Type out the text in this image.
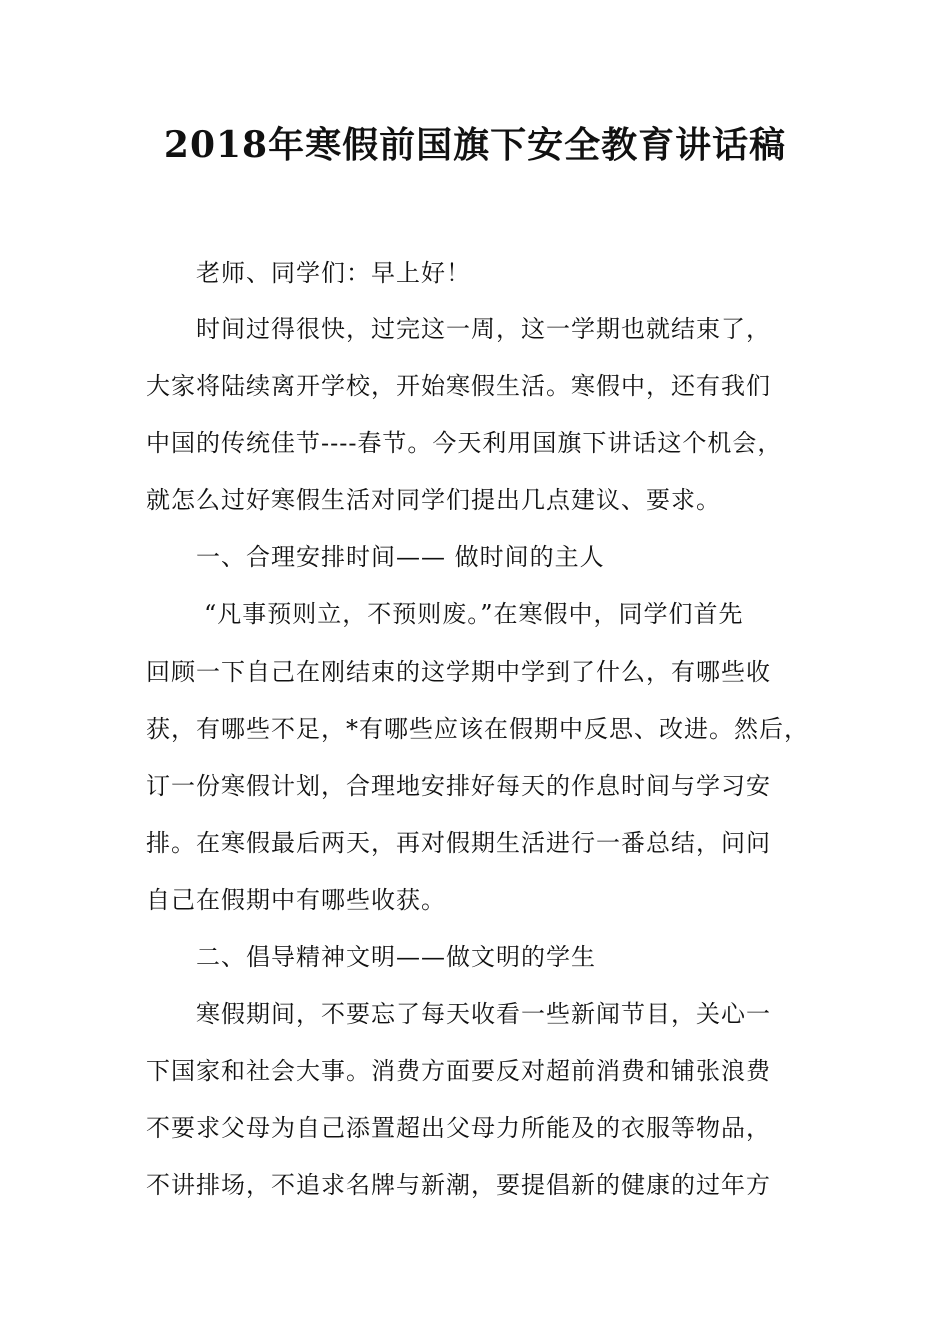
2018年寒假前国旗下安全教育讲话稿
老师、同学们：早上好！
时间过得很快，过完这一周，这一学期也就结束了，
大家将陆续离开学校，开始寒假生活。寒假中，还有我们
中国的传统佳节----春节。今天利用国旗下讲话这个机会，
就怎么过好寒假生活对同学们提出几点建议、要求。
一、合理安排时间—— 做时间的主人
“凡事预则立，不预则废。”在寒假中，同学们首先
回顾一下自己在刚结束的这学期中学到了什么，有哪些收
获，有哪些不足，*有哪些应该在假期中反思、改进。然后，
订一份寒假计划，合理地安排好每天的作息时间与学习安
排。在寒假最后两天，再对假期生活进行一番总结，问问
自己在假期中有哪些收获。
二、倡导精神文明——做文明的学生
寒假期间，不要忘了每天收看一些新闻节目，关心一
下国家和社会大事。消费方面要反对超前消费和铺张浪费
不要求父母为自己添置超出父母力所能及的衣服等物品，
不讲排场，不追求名牌与新潮，要提倡新的健康的过年方
